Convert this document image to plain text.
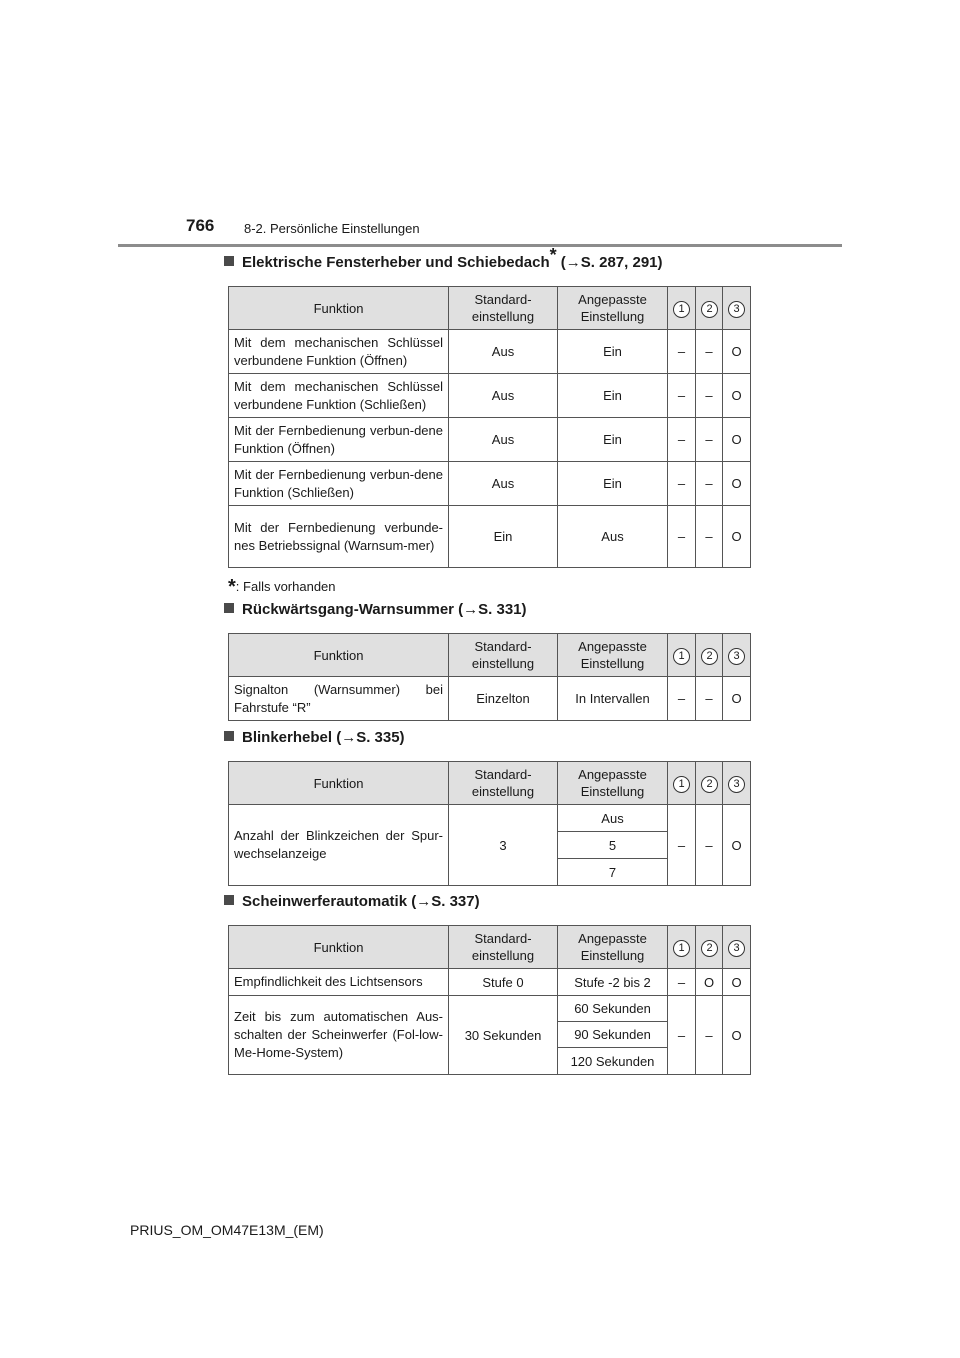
766 8-2. Persönliche Einstellungen
Elektrische Fensterheber und Schiebedach* (→S. 287, 291)
Funktion	Standard-einstellung	Angepasste Einstellung	1	2	3
Mit dem mechanischen Schlüssel verbundene Funktion (Öffnen)	Aus	Ein	–	–	O
Mit dem mechanischen Schlüssel verbundene Funktion (Schließen)	Aus	Ein	–	–	O
Mit der Fernbedienung verbun-dene Funktion (Öffnen)	Aus	Ein	–	–	O
Mit der Fernbedienung verbun-dene Funktion (Schließen)	Aus	Ein	–	–	O
Mit der Fernbedienung verbunde-nes Betriebssignal (Warnsum-mer)	Ein	Aus	–	–	O
*: Falls vorhanden
Rückwärtsgang-Warnsummer (→S. 331)
Funktion	Standard-einstellung	Angepasste Einstellung	1	2	3
Signalton (Warnsummer) bei Fahrstufe “R”	Einzelton	In Intervallen	–	–	O
Blinkerhebel (→S. 335)
Funktion	Standard-einstellung	Angepasste Einstellung	1	2	3
Anzahl der Blinkzeichen der Spur-wechselanzeige	3	Aus	–	–	O
		5			
		7			
Scheinwerferautomatik (→S. 337)
Funktion	Standard-einstellung	Angepasste Einstellung	1	2	3
Empfindlichkeit des Lichtsensors	Stufe 0	Stufe -2 bis 2	–	O	O
Zeit bis zum automatischen Aus-schalten der Scheinwerfer (Fol-low-Me-Home-System)	30 Sekunden	60 Sekunden	–	–	O
		90 Sekunden			
		120 Sekunden			
PRIUS_OM_OM47E13M_(EM)
